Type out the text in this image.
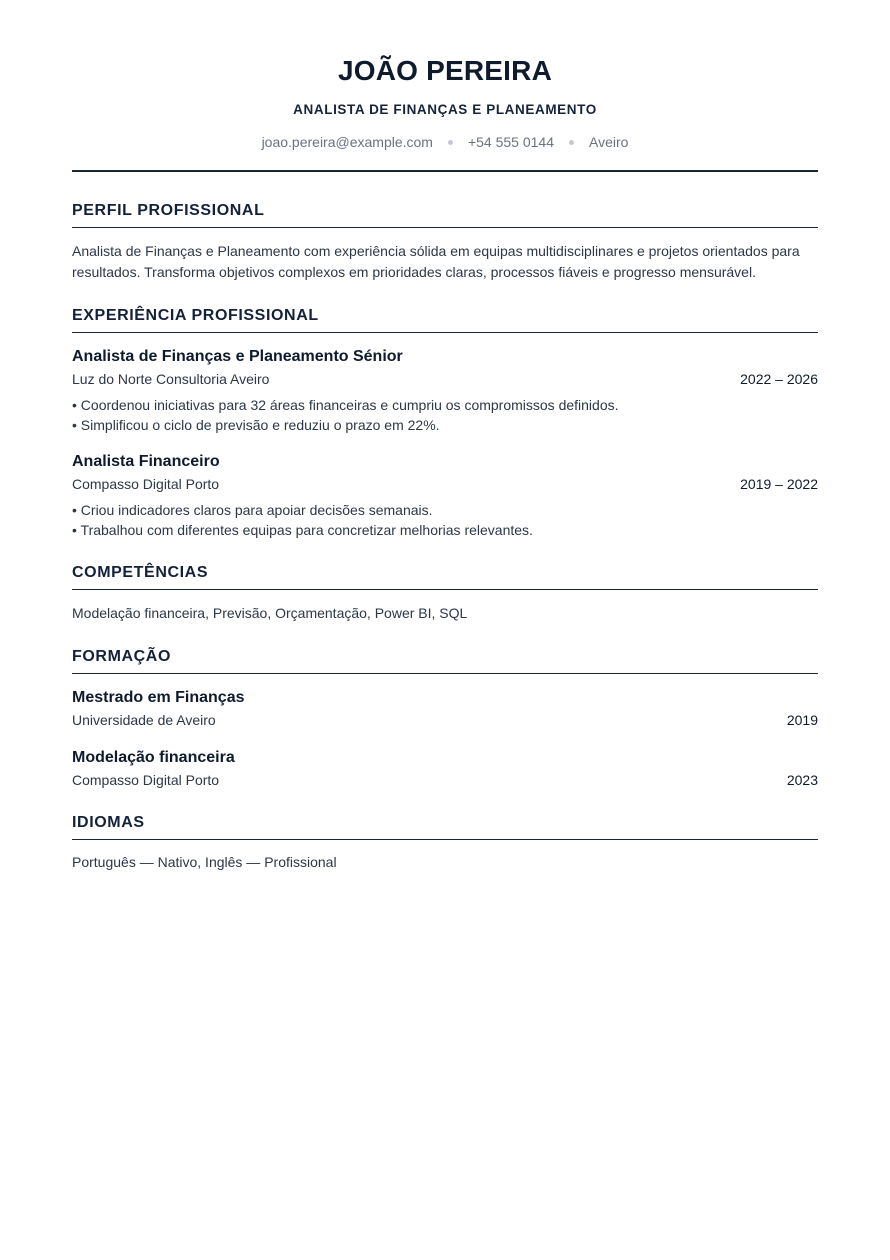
JOÃO PEREIRA
ANALISTA DE FINANÇAS E PLANEAMENTO
joao.pereira@example.com	+54 555 0144	Aveiro
PERFIL PROFISSIONAL
Analista de Finanças e Planeamento com experiência sólida em equipas multidisciplinares e projetos orientados para resultados. Transforma objetivos complexos em prioridades claras, processos fiáveis e progresso mensurável.
EXPERIÊNCIA PROFISSIONAL
Analista de Finanças e Planeamento Sénior
Luz do Norte Consultoria Aveiro	2022 – 2026
• Coordenou iniciativas para 32 áreas financeiras e cumpriu os compromissos definidos.
• Simplificou o ciclo de previsão e reduziu o prazo em 22%.
Analista Financeiro
Compasso Digital Porto	2019 – 2022
• Criou indicadores claros para apoiar decisões semanais.
• Trabalhou com diferentes equipas para concretizar melhorias relevantes.
COMPETÊNCIAS
Modelação financeira, Previsão, Orçamentação, Power BI, SQL
FORMAÇÃO
Mestrado em Finanças
Universidade de Aveiro	2019
Modelação financeira
Compasso Digital Porto	2023
IDIOMAS
Português — Nativo, Inglês — Profissional
